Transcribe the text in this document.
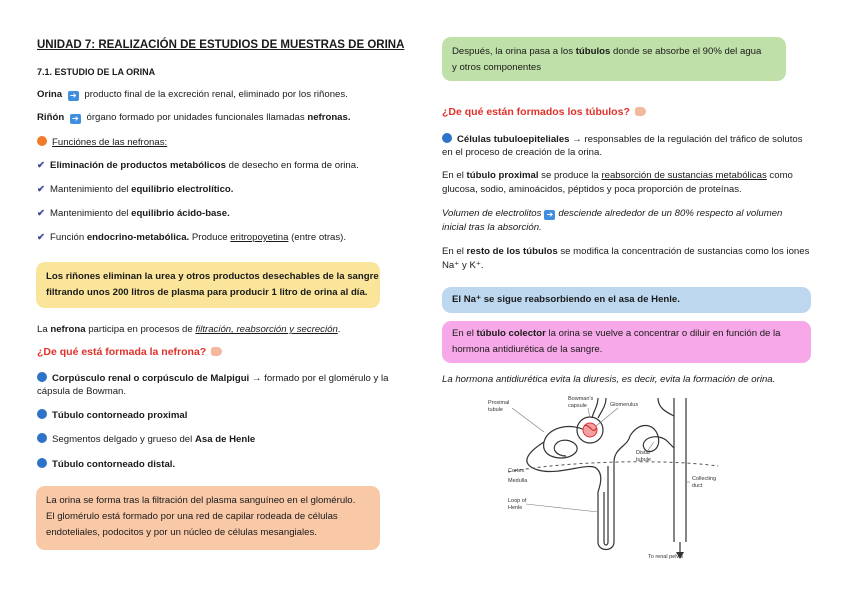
UNIDAD 7: REALIZACIÓN DE ESTUDIOS DE MUESTRAS DE ORINA
7.1. ESTUDIO DE LA ORINA
Orina ➔ producto final de la excreción renal, eliminado por los riñones.
Riñón ➔ órgano formado por unidades funcionales llamadas nefronas.
Funciónes de las nefronas:
✔ Eliminación de productos metabólicos de desecho en forma de orina.
✔ Mantenimiento del equilibrio electrolítico.
✔ Mantenimiento del equilibrio ácido-base.
✔ Función endocrino-metabólica. Produce eritropoyetina (entre otras).
Los riñones eliminan la urea y otros productos desechables de la sangre
filtrando unos 200 litros de plasma para producir 1 litro de orina al día.
La nefrona participa en procesos de filtración, reabsorción y secreción.
¿De qué está formada la nefrona?
Corpúsculo renal o corpúsculo de Malpigui → formado por el glomérulo y la
cápsula de Bowman.
Túbulo contorneado proximal
Segmentos delgado y grueso del Asa de Henle
Túbulo contorneado distal.
La orina se forma tras la filtración del plasma sanguíneo en el glomérulo.
El glomérulo está formado por una red de capilar rodeada de células
endoteliales, podocitos y por un núcleo de células mesangiales.
Después, la orina pasa a los túbulos donde se absorbe el 90% del agua
y otros componentes
¿De qué están formados los túbulos?
Células tubuloepiteliales → responsables de la regulación del tráfico de solutos
en el proceso de creación de la orina.
En el túbulo proximal se produce la reabsorción de sustancias metabólicas como
glucosa, sodio, aminoácidos, péptidos y poca proporción de proteínas.
Volumen de electrolitos ➔ desciende alrededor de un 80% respecto al volumen
inicial tras la absorción.
En el resto de los túbulos se modifica la concentración de sustancias como los iones
Na⁺ y K⁺.
El Na⁺ se sigue reabsorbiendo en el asa de Henle.
En el túbulo colector la orina se vuelve a concentrar o diluir en función de la
hormona antidiurética de la sangre.
La hormona antidiurética evita la diuresis, es decir, evita la formación de orina.
Proximal
tubule
Bowman's
capsule	Glomerulus
Distal
tubule
Cortex
Medulla
Loop of
Henle
Collecting
duct
To renal pelvis
